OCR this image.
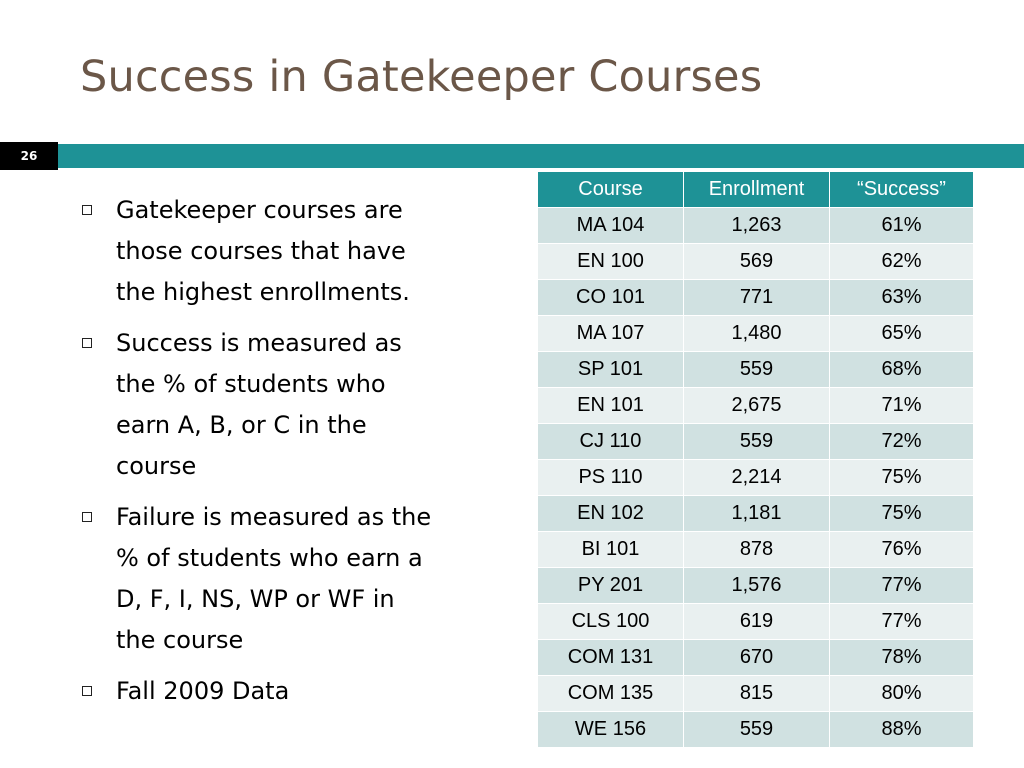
Success in Gatekeeper Courses
26
Gatekeeper courses are those courses that have the highest enrollments.
Success is measured as the % of students who earn A, B, or C in the course
Failure is measured as the % of students who earn a D, F, I, NS, WP or WF in the course
Fall 2009 Data
Course	Enrollment	“Success”
MA 104	1,263	61%
EN 100	569	62%
CO 101	771	63%
MA 107	1,480	65%
SP 101	559	68%
EN 101	2,675	71%
CJ 110	559	72%
PS 110	2,214	75%
EN 102	1,181	75%
BI 101	878	76%
PY 201	1,576	77%
CLS 100	619	77%
COM 131	670	78%
COM 135	815	80%
WE 156	559	88%
